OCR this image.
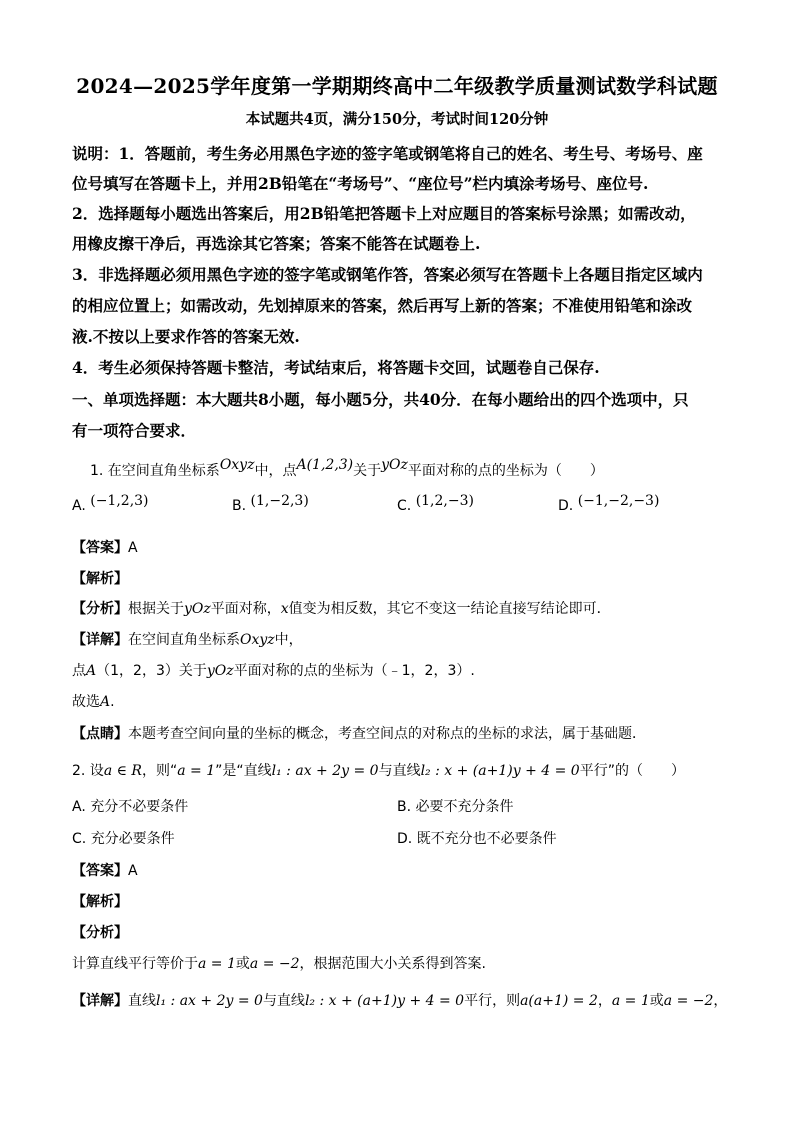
2024—2025学年度第一学期期终高中二年级教学质量测试数学科试题
本试题共4页，满分150分，考试时间120分钟
说明：1．答题前，考生务必用黑色字迹的签字笔或钢笔将自己的姓名、考生号、考场号、座
位号填写在答题卡上，并用2B铅笔在“考场号”、“座位号”栏内填涂考场号、座位号.
2．选择题每小题选出答案后，用2B铅笔把答题卡上对应题目的答案标号涂黑；如需改动，
用橡皮擦干净后，再选涂其它答案；答案不能答在试题卷上.
3．非选择题必须用黑色字迹的签字笔或钢笔作答，答案必须写在答题卡上各题目指定区域内
的相应位置上；如需改动，先划掉原来的答案，然后再写上新的答案；不准使用铅笔和涂改
液.不按以上要求作答的答案无效.
4．考生必须保持答题卡整洁，考试结束后，将答题卡交回，试题卷自己保存.
一、单项选择题：本大题共8小题，每小题5分，共40分．在每小题给出的四个选项中，只
有一项符合要求．
1. 在空间直角坐标系Oxyz中，点A(1,2,3)关于yOz平面对称的点的坐标为（　　）
A. (−1,2,3)	B. (1,−2,3)	C. (1,2,−3)	D. (−1,−2,−3)
【答案】A
【解析】
【分析】根据关于yOz平面对称，x值变为相反数，其它不变这一结论直接写结论即可．
【详解】在空间直角坐标系Oxyz中，
点A（1，2，3）关于yOz平面对称的点的坐标为（﹣1，2，3）.
故选A.
【点睛】本题考查空间向量的坐标的概念，考查空间点的对称点的坐标的求法，属于基础题．
2. 设a ∈ R，则“a = 1”是“直线l₁ : ax + 2y = 0与直线l₂ : x + (a+1)y + 4 = 0平行”的（　　）
A. 充分不必要条件	B. 必要不充分条件
C. 充分必要条件	D. 既不充分也不必要条件
【答案】A
【解析】
【分析】
计算直线平行等价于a = 1或a = −2，根据范围大小关系得到答案.
【详解】直线l₁ : ax + 2y = 0与直线l₂ : x + (a+1)y + 4 = 0平行，则a(a+1) = 2，a = 1或a = −2，
